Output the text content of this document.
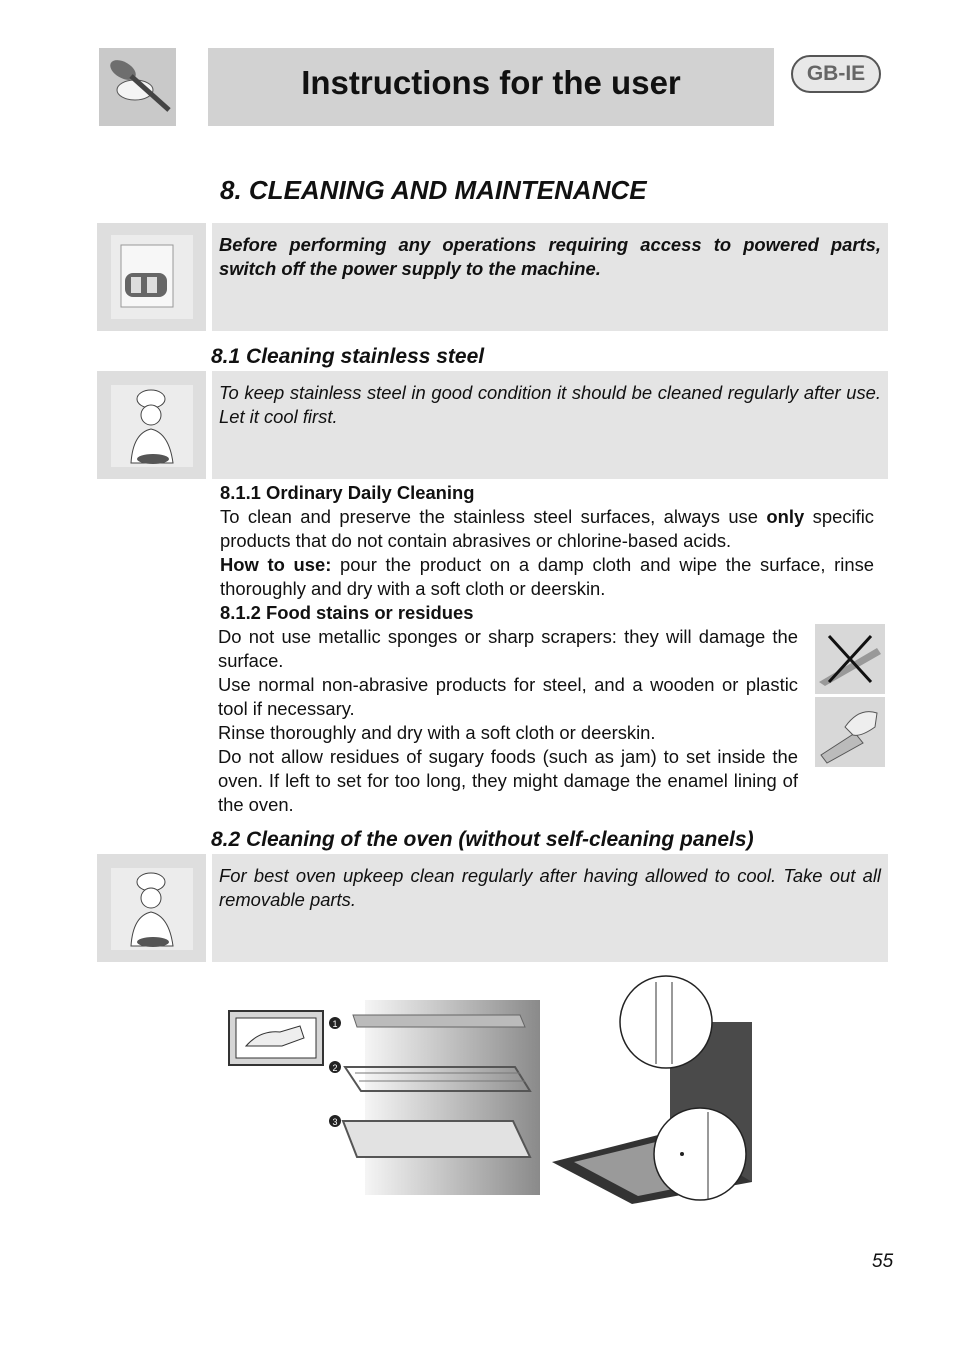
Instructions for the user	GB-IE
8. CLEANING AND MAINTENANCE
Before performing any operations requiring access to powered parts, switch off the power supply to the machine.
8.1 Cleaning stainless steel
To keep stainless steel in good condition it should be cleaned regularly after use. Let it cool first.
8.1.1 Ordinary Daily Cleaning

To clean and preserve the stainless steel surfaces, always use only specific products that do not contain abrasives or chlorine-based acids.

How to use: pour the product on a damp cloth and wipe the surface, rinse thoroughly and dry with a soft cloth or deerskin.

8.1.2 Food stains or residues

Do not use metallic sponges or sharp scrapers: they will damage the surface.

Use normal non-abrasive products for steel, and a wooden or plastic tool if necessary.

Rinse thoroughly and dry with a soft cloth or deerskin.

Do not allow residues of sugary foods (such as jam) to set inside the oven. If left to set for too long, they might damage the enamel lining of the oven.

8.2 Cleaning of the oven (without self-cleaning panels)
For best oven upkeep clean regularly after having allowed to cool. Take out all removable parts.
1
2
3
55
